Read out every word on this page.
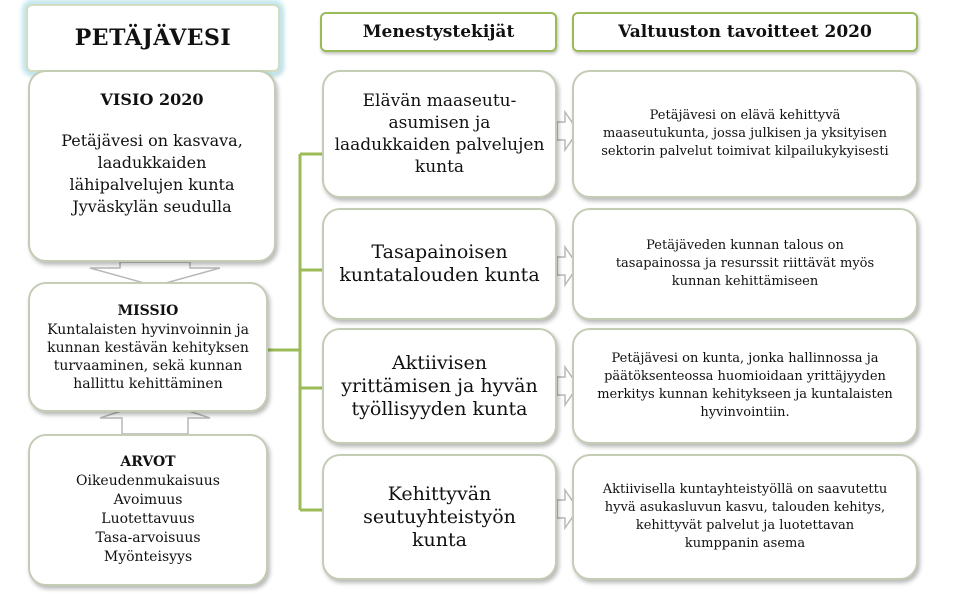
PETÄJÄVESI	Menestystekijät	Valtuuston tavoitteet 2020
VISIO 2020
Petäjävesi on kasvava,
laadukkaiden
lähipalvelujen kunta
Jyväskylän seudulla
MISSIO
Kuntalaisten hyvinvoinnin ja
kunnan kestävän kehityksen
turvaaminen, sekä kunnan
hallittu kehittäminen
ARVOT
Oikeudenmukaisuus
Avoimuus
Luotettavuus
Tasa-arvoisuus
Myönteisyys
Elävän maaseutu-
asumisen ja
laadukkaiden palvelujen
kunta
Tasapainoisen
kuntatalouden kunta
Aktiivisen
yrittämisen ja hyvän
työllisyyden kunta
Kehittyvän
seutuyhteistyön
kunta
Petäjävesi on elävä kehittyvä
maaseutukunta, jossa julkisen ja yksityisen
sektorin palvelut toimivat kilpailukykyisesti
Petäjäveden kunnan talous on
tasapainossa ja resurssit riittävät myös
kunnan kehittämiseen
Petäjävesi on kunta, jonka hallinnossa ja
päätöksenteossa huomioidaan yrittäjyyden
merkitys kunnan kehitykseen ja kuntalaisten
hyvinvointiin.
Aktiivisella kuntayhteistyöllä on saavutettu
hyvä asukasluvun kasvu, talouden kehitys,
kehittyvät palvelut ja luotettavan
kumppanin asema
